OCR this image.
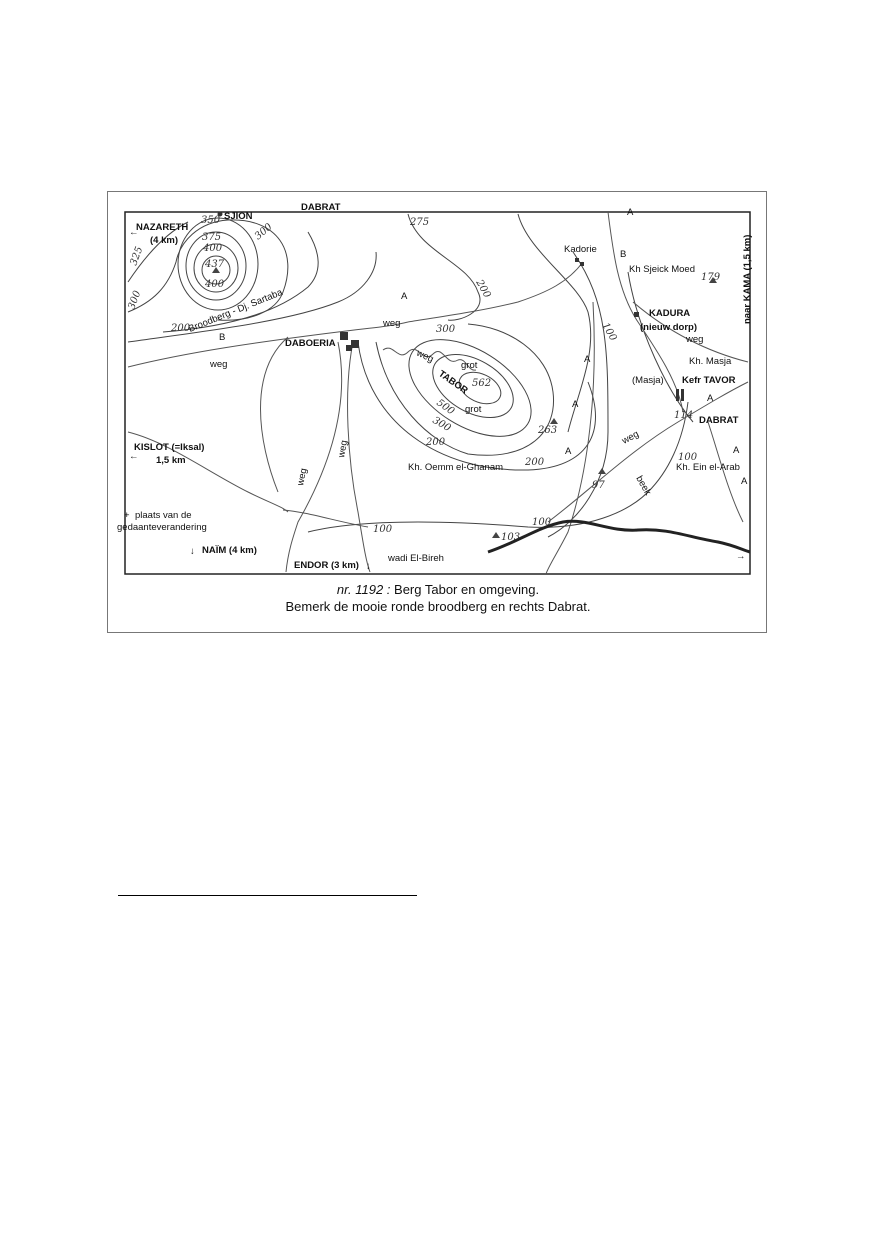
NAZARETH
(4 km)
SJION
DABRAT
Kadorie
Kh Sjeick Moed	naar KAMA (1,5 km)
KADURA
(nieuw dorp)
DABOERIA
TABOR
Kh. Masja
(Masja) Kefr TAVOR
DABRAT
KISLOT (=Iksal)
1,5 km
Kh. Oemm el-Ghanam	Kh. Ein el-Arab
NAÏM (4 km)
ENDOR (3 km)
wadi El-Bireh
Broodberg - Dj. Sartaba
+ plaats van de
gedaanteverandering
↓
↓
←
←
→
weg
weg
weg
weg
weg
weg
weg
grot
grot
beek
A
A
A
A
A
A
A
A
B
B
350
375
400
437
400
325
300
300
200
275
200
300
562
500
300
200
263
200
97
114
100
179
100
100
100
103
nr. 1192 : Berg Tabor en omgeving.
Bemerk de mooie ronde broodberg en rechts Dabrat.
